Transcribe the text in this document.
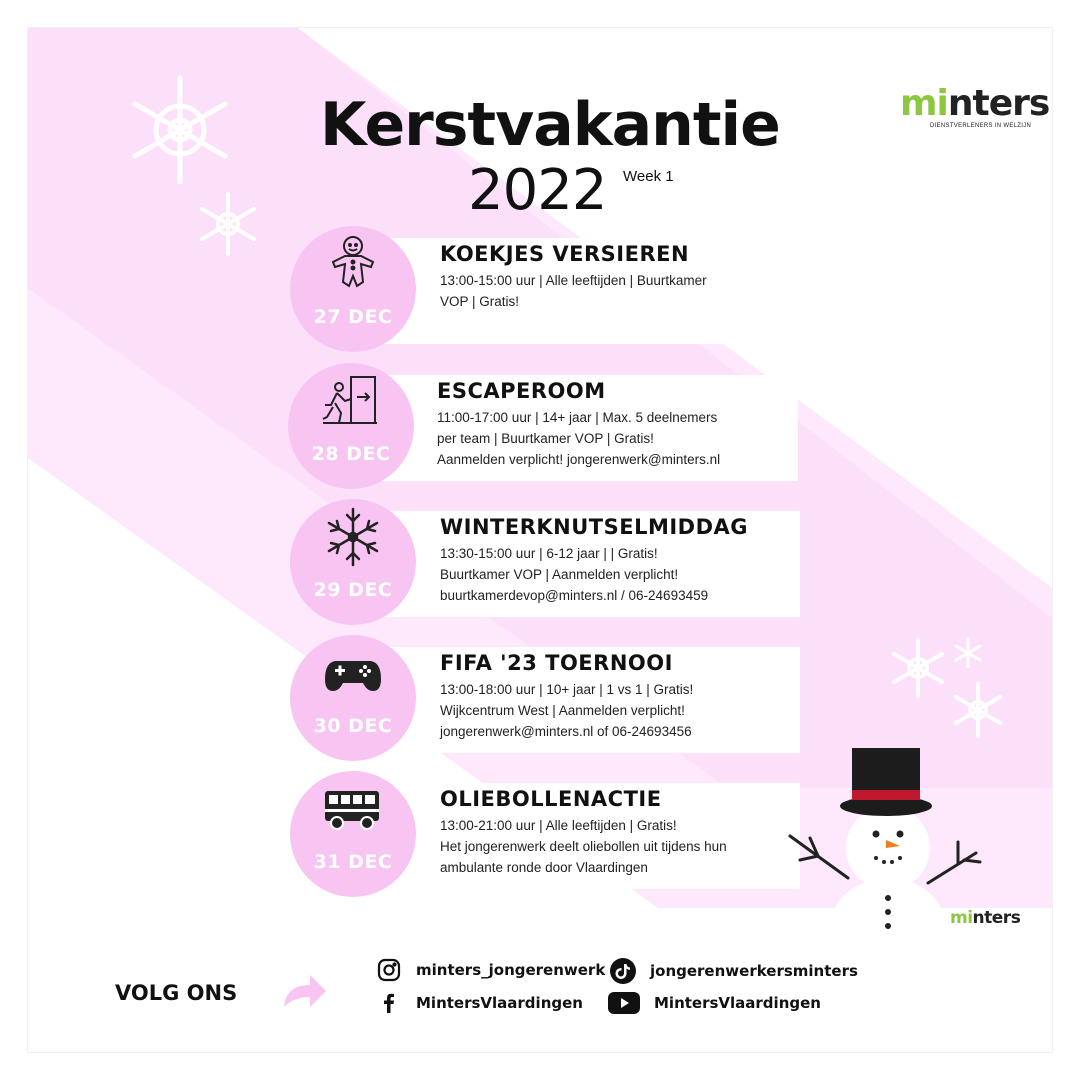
Kerstvakantie
2022 Week 1
minters
DIENSTVERLENERS IN WELZIJN
27 DEC
KOEKJES VERSIEREN
13:00-15:00 uur | Alle leeftijden | Buurtkamer
VOP | Gratis!
28 DEC
ESCAPEROOM
11:00-17:00 uur | 14+ jaar | Max. 5 deelnemers
per team | Buurtkamer VOP | Gratis!
Aanmelden verplicht! jongerenwerk@minters.nl
29 DEC
WINTERKNUTSELMIDDAG
13:30-15:00 uur | 6-12 jaar | | Gratis!
Buurtkamer VOP | Aanmelden verplicht!
buurtkamerdevop@minters.nl / 06-24693459
30 DEC
FIFA '23 TOERNOOI
13:00-18:00 uur | 10+ jaar | 1 vs 1 | Gratis!
Wijkcentrum West | Aanmelden verplicht!
jongerenwerk@minters.nl of 06-24693456
31 DEC
OLIEBOLLENACTIE
13:00-21:00 uur | Alle leeftijden | Gratis!
Het jongerenwerk deelt oliebollen uit tijdens hun
ambulante ronde door Vlaardingen
minters
VOLG ONS
minters_jongerenwerk
MintersVlaardingen
jongerenwerkersminters
MintersVlaardingen
